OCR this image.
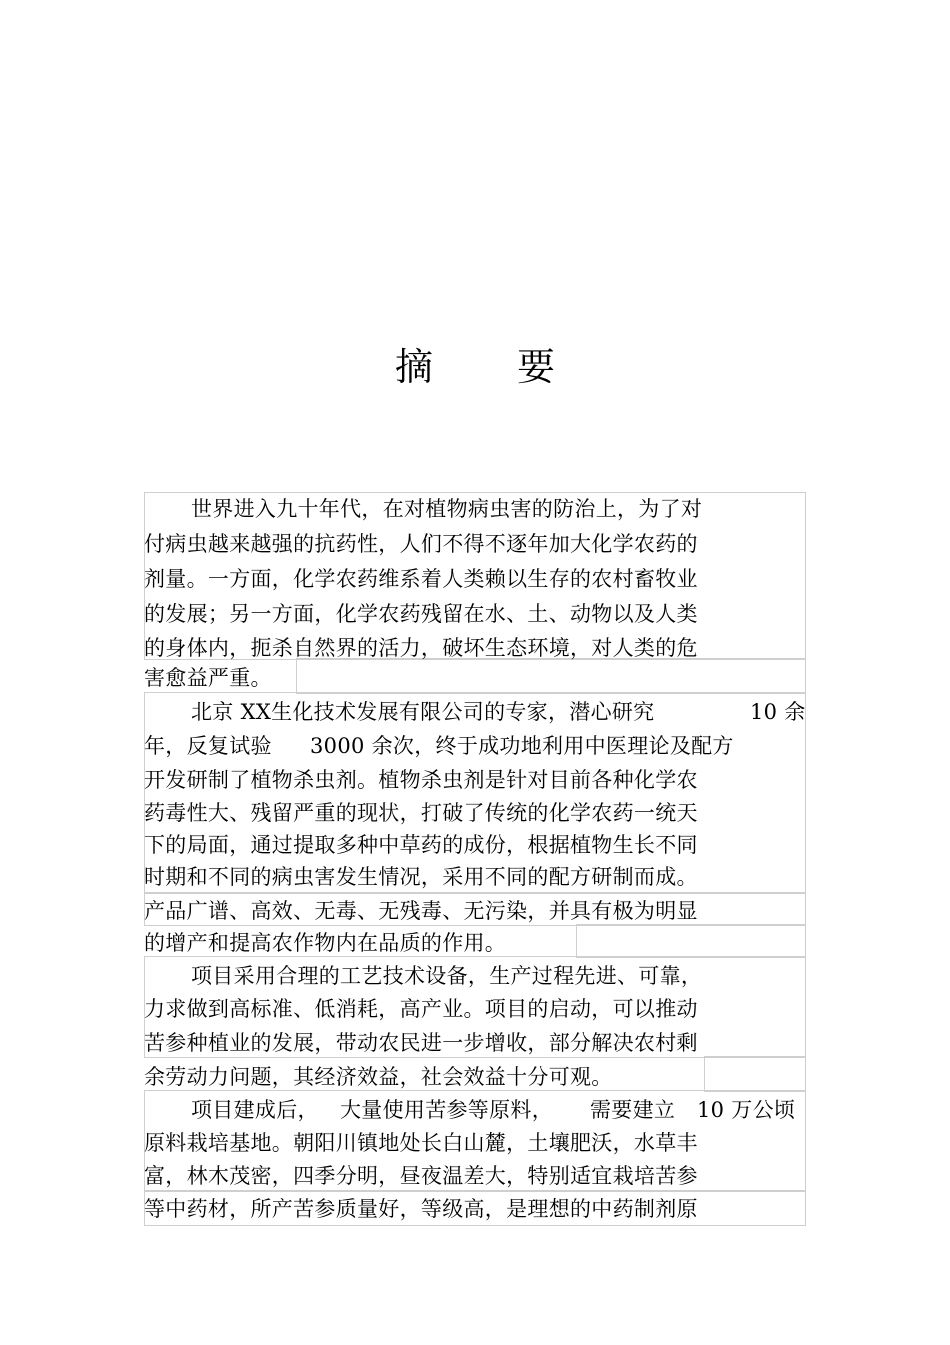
摘 要
世界进入九十年代，在对植物病虫害的防治上，为了对
付病虫越来越强的抗药性，人们不得不逐年加大化学农药的
剂量。一方面，化学农药维系着人类赖以生存的农村畜牧业
的发展；另一方面，化学农药残留在水、土、动物以及人类
的身体内，扼杀自然界的活力，破坏生态环境，对人类的危
害愈益严重。
北京 XX生化技术发展有限公司的专家，潜心研究	10 余
年，反复试验 3000 余次，终于成功地利用中医理论及配方
开发研制了植物杀虫剂。植物杀虫剂是针对目前各种化学农
药毒性大、残留严重的现状，打破了传统的化学农药一统天
下的局面，通过提取多种中草药的成份，根据植物生长不同
时期和不同的病虫害发生情况，采用不同的配方研制而成。
产品广谱、高效、无毒、无残毒、无污染，并具有极为明显
的增产和提高农作物内在品质的作用。
项目采用合理的工艺技术设备，生产过程先进、可靠，
力求做到高标准、低消耗，高产业。项目的启动，可以推动
苦参种植业的发展，带动农民进一步增收，部分解决农村剩
余劳动力问题，其经济效益，社会效益十分可观。
项目建成后， 大量使用苦参等原料， 需要建立 10 万公顷
原料栽培基地。朝阳川镇地处长白山麓，土壤肥沃，水草丰
富，林木茂密，四季分明，昼夜温差大，特别适宜栽培苦参
等中药材，所产苦参质量好，等级高，是理想的中药制剂原
